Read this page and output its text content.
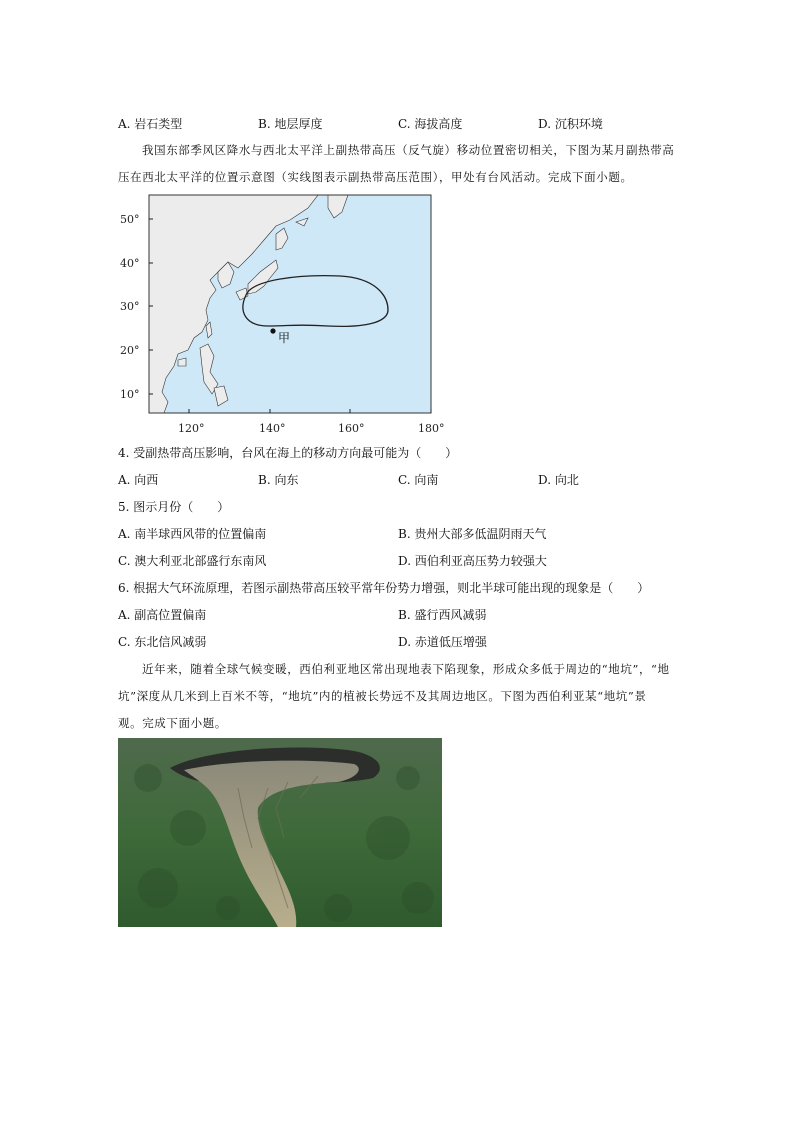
A. 岩石类型	B. 地层厚度	C. 海拔高度	D. 沉积环境
我国东部季风区降水与西北太平洋上副热带高压（反气旋）移动位置密切相关，下图为某月副热带高
压在西北太平洋的位置示意图（实线图表示副热带高压范围），甲处有台风活动。完成下面小题。
50°
40°
30°
20°
10°
120°	140°	160°	180°
甲
4. 受副热带高压影响，台风在海上的移动方向最可能为（　　）
A. 向西	B. 向东	C. 向南	D. 向北
5. 图示月份（　　）
A. 南半球西风带的位置偏南	B. 贵州大部多低温阴雨天气
C. 澳大利亚北部盛行东南风	D. 西伯利亚高压势力较强大
6. 根据大气环流原理，若图示副热带高压较平常年份势力增强，则北半球可能出现的现象是（　　）
A. 副高位置偏南	B. 盛行西风减弱
C. 东北信风减弱	D. 赤道低压增强
近年来，随着全球气候变暖，西伯利亚地区常出现地表下陷现象，形成众多低于周边的“地坑”，“地
坑”深度从几米到上百米不等，“地坑”内的植被长势远不及其周边地区。下图为西伯利亚某“地坑”景
观。完成下面小题。
